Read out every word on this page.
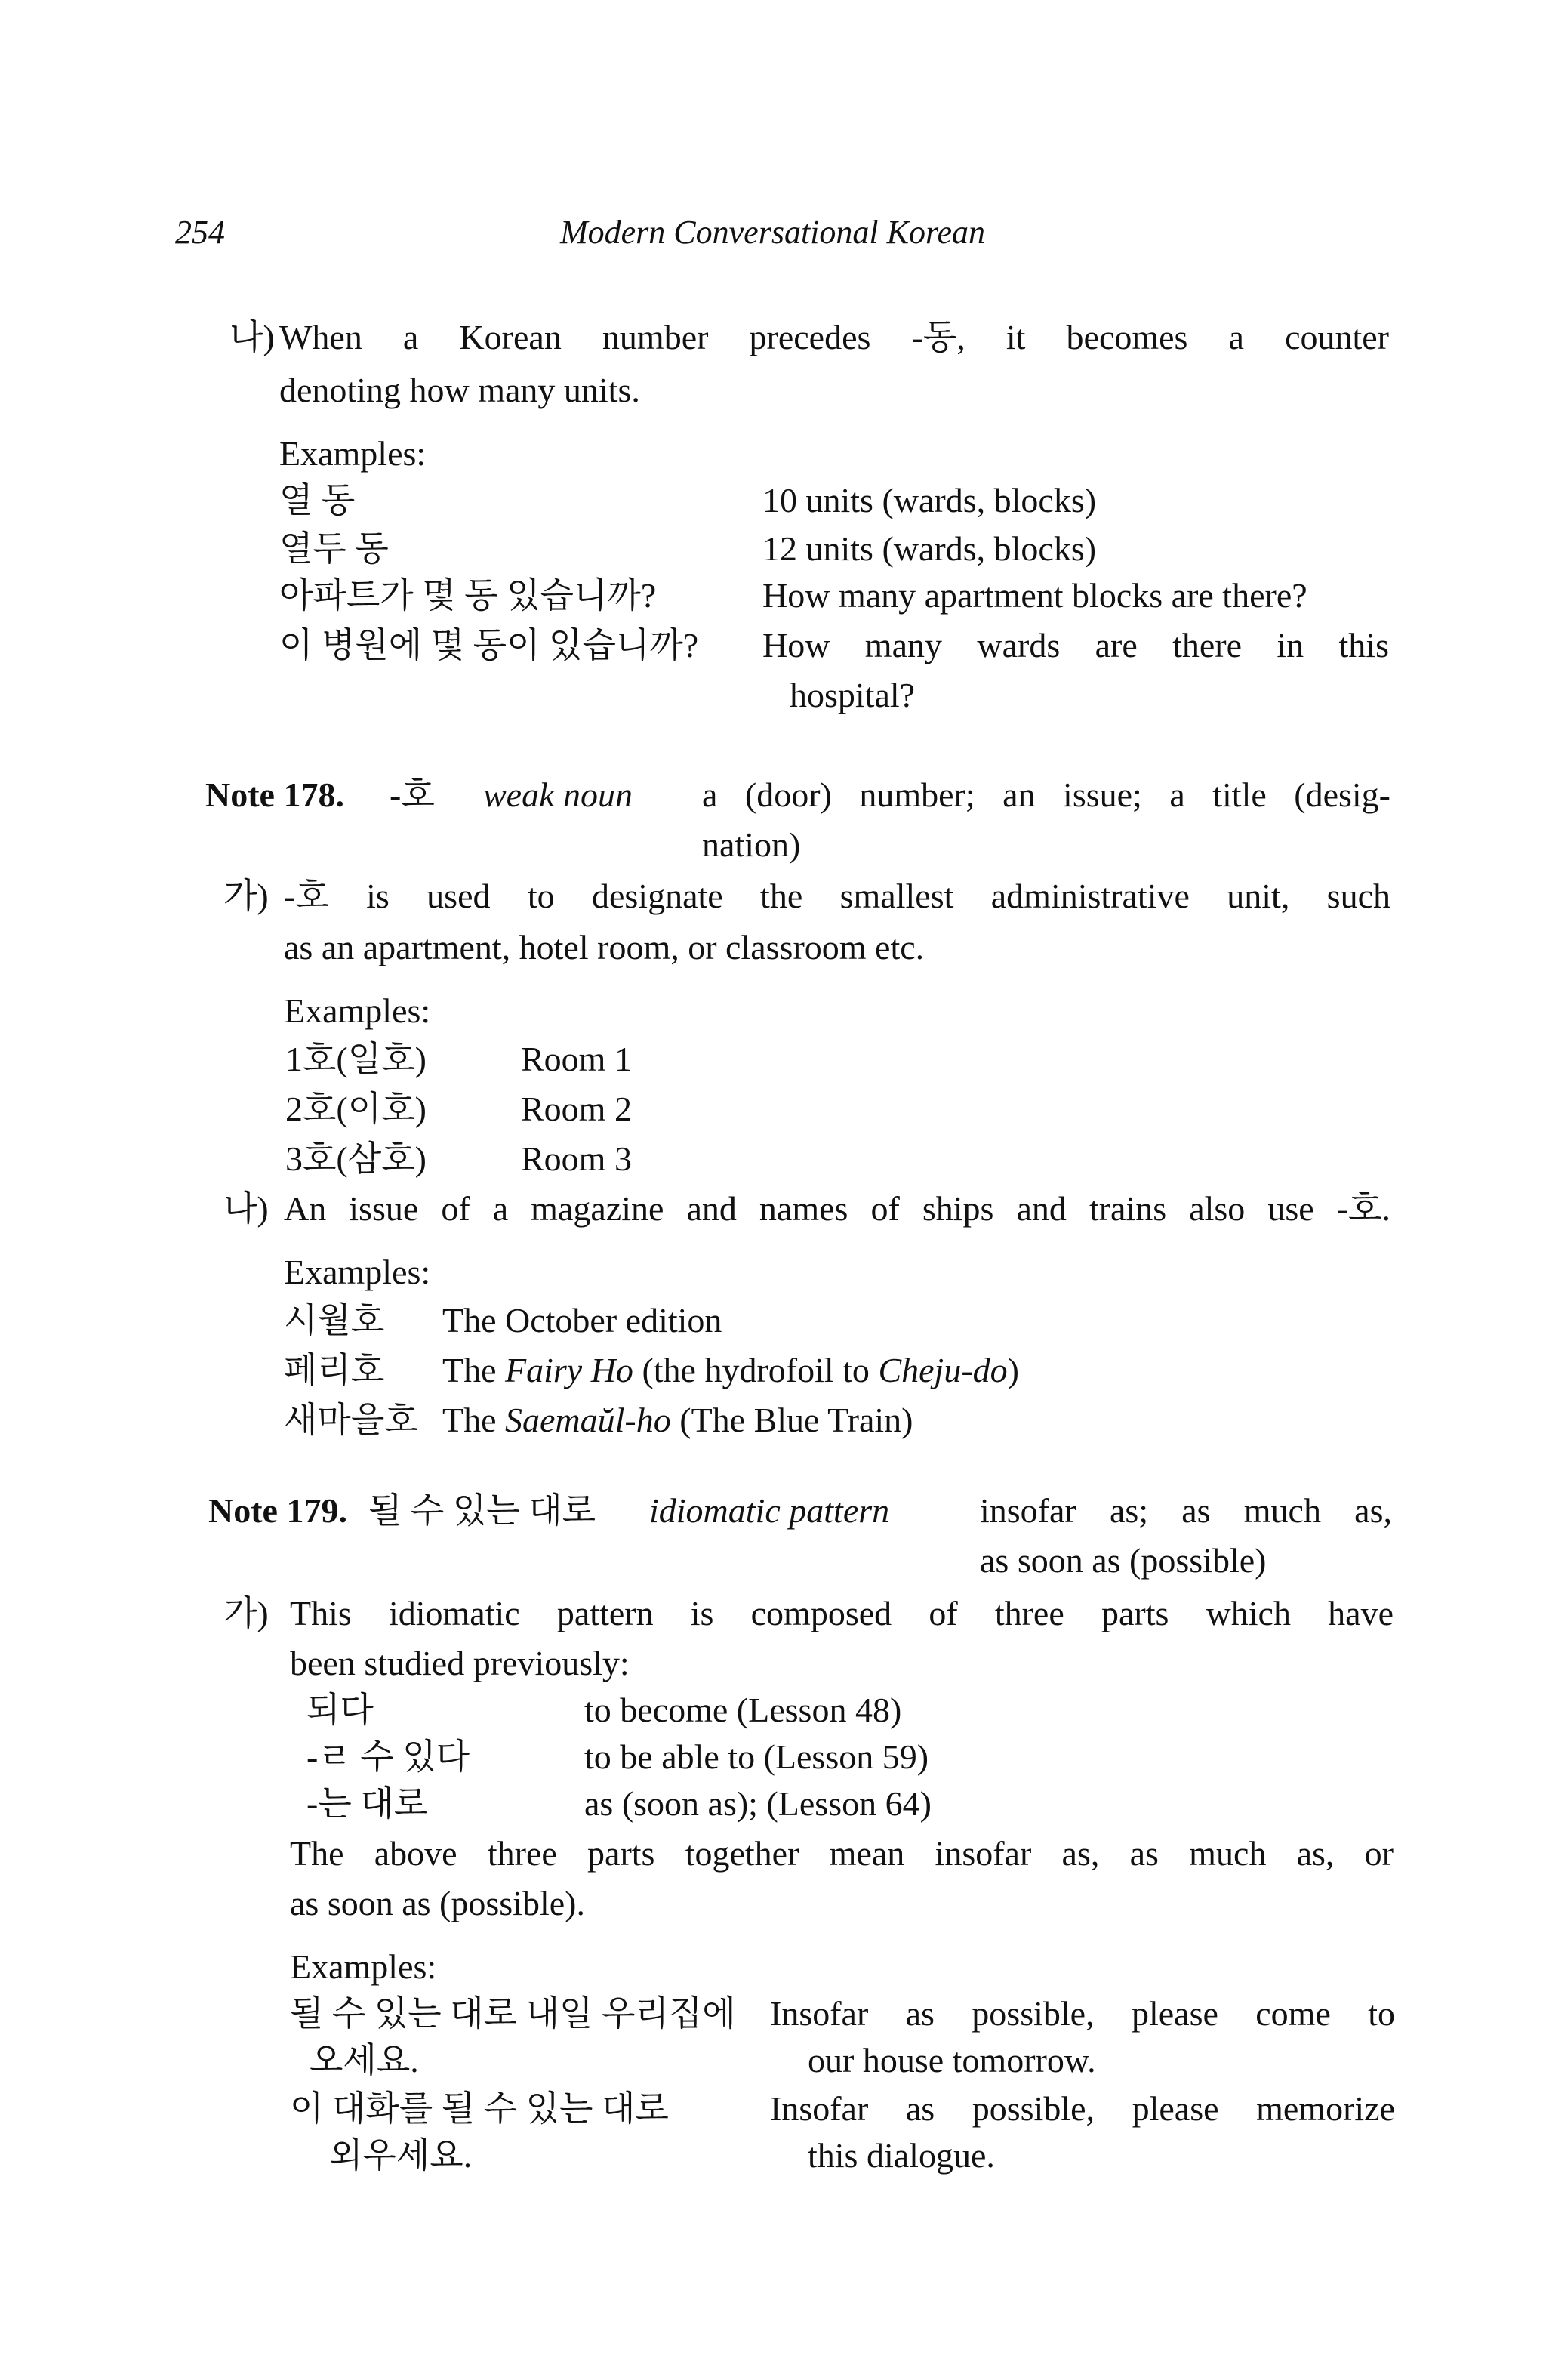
254	Modern Conversational Korean
나) When a Korean number precedes -동, it becomes a counter
denoting how many units.
Examples:
열 동	10 units (wards, blocks)
열두 동	12 units (wards, blocks)
아파트가 몇 동 있습니까?	How many apartment blocks are there?
이 병원에 몇 동이 있습니까? How many wards are there in this
hospital?
Note 178. -호 weak noun a (door) number; an issue; a title (desig-
nation)
가) -호 is used to designate the smallest administrative unit, such
as an apartment, hotel room, or classroom etc.
Examples:
1호(일호)	Room 1
2호(이호)	Room 2
3호(삼호)	Room 3
나) An issue of a magazine and names of ships and trains also use -호.
Examples:
시월호 The October edition
페리호 The Fairy Ho (the hydrofoil to Cheju-do)
새마을호 The Saemaŭl-ho (The Blue Train)
Note 179. 될 수 있는 대로 idiomatic pattern	insofar as; as much as,
as soon as (possible)
가) This idiomatic pattern is composed of three parts which have
been studied previously:
되다	to become (Lesson 48)
-ㄹ 수 있다	to be able to (Lesson 59)
-는 대로	as (soon as); (Lesson 64)
The above three parts together mean insofar as, as much as, or
as soon as (possible).
Examples:
될 수 있는 대로 내일 우리집에 Insofar as possible, please come to
오세요.	our house tomorrow.
이 대화를 될 수 있는 대로	Insofar as possible, please memorize
외우세요.	this dialogue.
